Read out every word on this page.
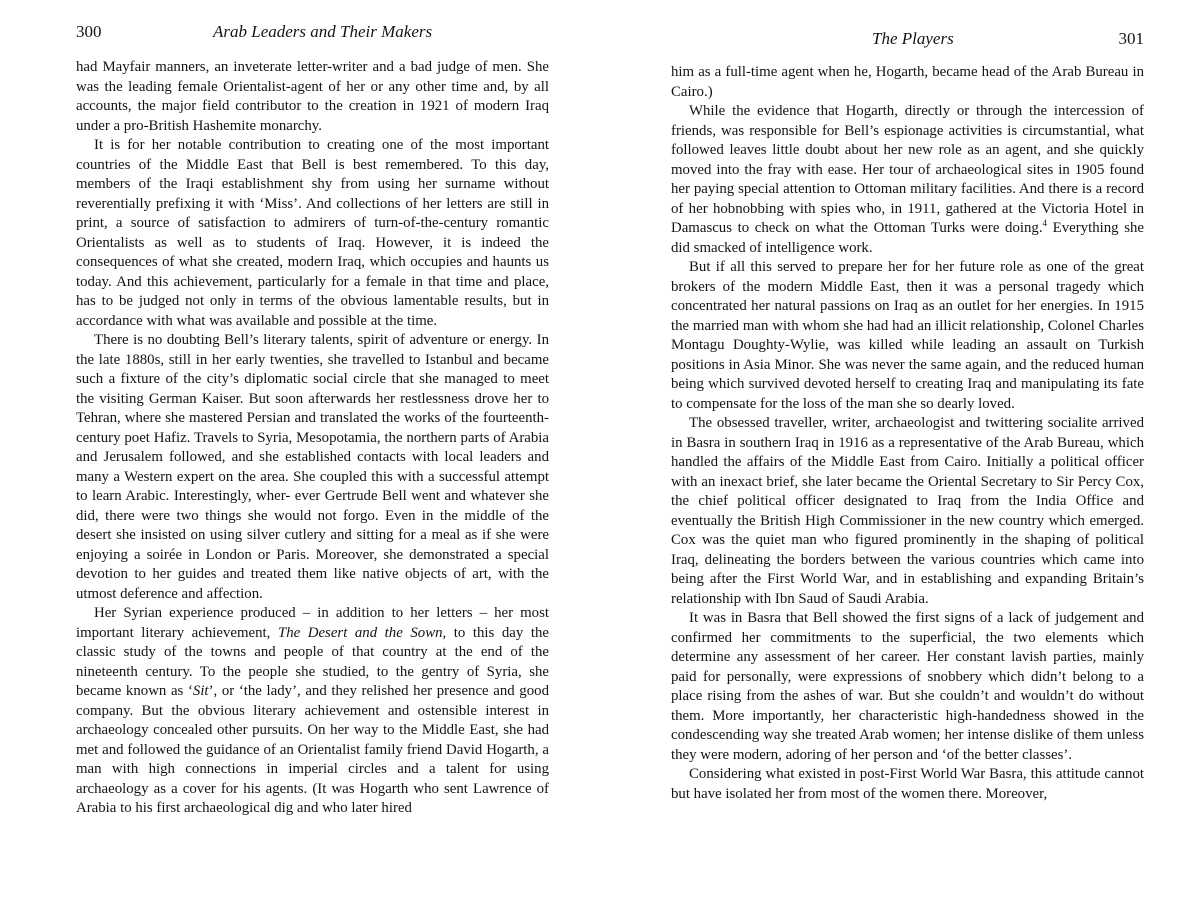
300	Arab Leaders and Their Makers

had Mayfair manners, an inveterate letter-writer and a bad judge of men. She was the leading female Orientalist-agent of her or any other time and, by all accounts, the major field contributor to the creation in 1921 of modern Iraq under a pro-British Hashemite monarchy.

It is for her notable contribution to creating one of the most important countries of the Middle East that Bell is best remembered. To this day, members of the Iraqi establishment shy from using her surname without reverentially prefixing it with ‘Miss’. And collections of her letters are still in print, a source of satisfaction to admirers of turn-of-the-century romantic Orientalists as well as to students of Iraq. However, it is indeed the consequences of what she created, modern Iraq, which occupies and haunts us today. And this achievement, particularly for a female in that time and place, has to be judged not only in terms of the obvious lamentable results, but in accordance with what was available and possible at the time.

There is no doubting Bell’s literary talents, spirit of adventure or energy. In the late 1880s, still in her early twenties, she travelled to Istanbul and became such a fixture of the city’s diplomatic social circle that she managed to meet the visiting German Kaiser. But soon afterwards her restlessness drove her to Tehran, where she mastered Persian and translated the works of the fourteenth-century poet Hafiz. Travels to Syria, Mesopotamia, the northern parts of Arabia and Jerusalem followed, and she established contacts with local leaders and many a Western expert on the area. She coupled this with a successful attempt to learn Arabic. Interestingly, wher- ever Gertrude Bell went and whatever she did, there were two things she would not forgo. Even in the middle of the desert she insisted on using silver cutlery and sitting for a meal as if she were enjoying a soirée in London or Paris. Moreover, she demonstrated a special devotion to her guides and treated them like native objects of art, with the utmost deference and affection.

Her Syrian experience produced – in addition to her letters – her most important literary achievement, The Desert and the Sown, to this day the classic study of the towns and people of that country at the end of the nineteenth century. To the people she studied, to the gentry of Syria, she became known as ‘Sit’, or ‘the lady’, and they relished her presence and good company. But the obvious literary achievement and ostensible interest in archaeology concealed other pursuits. On her way to the Middle East, she had met and followed the guidance of an Orientalist family friend David Hogarth, a man with high connections in imperial circles and a talent for using archaeology as a cover for his agents. (It was Hogarth who sent Lawrence of Arabia to his first archaeological dig and who later hired

The Players	301

him as a full-time agent when he, Hogarth, became head of the Arab Bureau in Cairo.)

While the evidence that Hogarth, directly or through the intercession of friends, was responsible for Bell’s espionage activities is circumstantial, what followed leaves little doubt about her new role as an agent, and she quickly moved into the fray with ease. Her tour of archaeological sites in 1905 found her paying special attention to Ottoman military facilities. And there is a record of her hobnobbing with spies who, in 1911, gathered at the Victoria Hotel in Damascus to check on what the Ottoman Turks were doing.$^4$ Everything she did smacked of intelligence work.

But if all this served to prepare her for her future role as one of the great brokers of the modern Middle East, then it was a personal tragedy which concentrated her natural passions on Iraq as an outlet for her energies. In 1915 the married man with whom she had had an illicit relationship, Colonel Charles Montagu Doughty-Wylie, was killed while leading an assault on Turkish positions in Asia Minor. She was never the same again, and the reduced human being which survived devoted herself to creating Iraq and manipulating its fate to compensate for the loss of the man she so dearly loved.

The obsessed traveller, writer, archaeologist and twittering socialite arrived in Basra in southern Iraq in 1916 as a representative of the Arab Bureau, which handled the affairs of the Middle East from Cairo. Initially a political officer with an inexact brief, she later became the Oriental Secretary to Sir Percy Cox, the chief political officer designated to Iraq from the India Office and eventually the British High Commissioner in the new country which emerged. Cox was the quiet man who figured prominently in the shaping of political Iraq, delineating the borders between the various countries which came into being after the First World War, and in establishing and expanding Britain’s relationship with Ibn Saud of Saudi Arabia.

It was in Basra that Bell showed the first signs of a lack of judgement and confirmed her commitments to the superficial, the two elements which determine any assessment of her career. Her constant lavish parties, mainly paid for personally, were expressions of snobbery which didn’t belong to a place rising from the ashes of war. But she couldn’t and wouldn’t do without them. More importantly, her characteristic high-handedness showed in the condescending way she treated Arab women; her intense dislike of them unless they were modern, adoring of her person and ‘of the better classes’.

Considering what existed in post-First World War Basra, this attitude cannot but have isolated her from most of the women there. Moreover,
